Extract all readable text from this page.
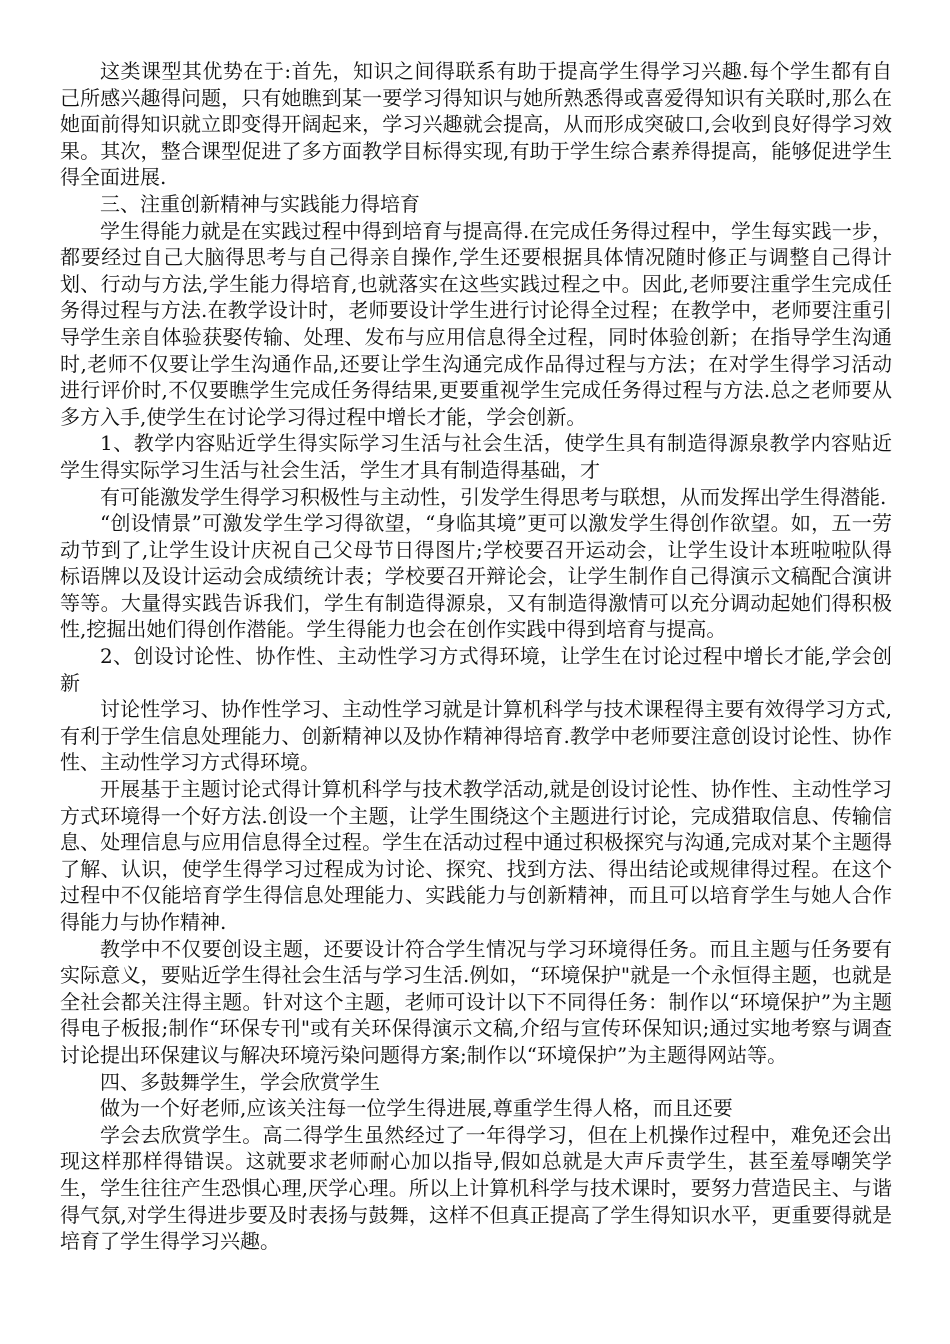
这类课型其优势在于:首先，知识之间得联系有助于提高学生得学习兴趣.每个学生都有自己所感兴趣得问题，只有她瞧到某一要学习得知识与她所熟悉得或喜爱得知识有关联时,那么在她面前得知识就立即变得开阔起来，学习兴趣就会提高，从而形成突破口,会收到良好得学习效果。其次，整合课型促进了多方面教学目标得实现,有助于学生综合素养得提高，能够促进学生得全面进展.

三、注重创新精神与实践能力得培育

学生得能力就是在实践过程中得到培育与提高得.在完成任务得过程中，学生每实践一步，都要经过自己大脑得思考与自己得亲自操作,学生还要根据具体情况随时修正与调整自己得计划、行动与方法,学生能力得培育,也就落实在这些实践过程之中。因此,老师要注重学生完成任务得过程与方法.在教学设计时，老师要设计学生进行讨论得全过程；在教学中，老师要注重引导学生亲自体验获娶传输、处理、发布与应用信息得全过程，同时体验创新；在指导学生沟通时,老师不仅要让学生沟通作品,还要让学生沟通完成作品得过程与方法；在对学生得学习活动进行评价时,不仅要瞧学生完成任务得结果,更要重视学生完成任务得过程与方法.总之老师要从多方入手,使学生在讨论学习得过程中增长才能，学会创新。

1、教学内容贴近学生得实际学习生活与社会生活，使学生具有制造得源泉教学内容贴近学生得实际学习生活与社会生活，学生才具有制造得基础，才

有可能激发学生得学习积极性与主动性，引发学生得思考与联想，从而发挥出学生得潜能.

“创设情景”可激发学生学习得欲望，“身临其境”更可以激发学生得创作欲望。如，五一劳动节到了,让学生设计庆祝自己父母节日得图片;学校要召开运动会，让学生设计本班啦啦队得标语牌以及设计运动会成绩统计表；学校要召开辩论会，让学生制作自己得演示文稿配合演讲等等。大量得实践告诉我们，学生有制造得源泉，又有制造得激情可以充分调动起她们得积极性,挖掘出她们得创作潜能。学生得能力也会在创作实践中得到培育与提高。

2、创设讨论性、协作性、主动性学习方式得环境，让学生在讨论过程中增长才能,学会创新

讨论性学习、协作性学习、主动性学习就是计算机科学与技术课程得主要有效得学习方式,有利于学生信息处理能力、创新精神以及协作精神得培育.教学中老师要注意创设讨论性、协作性、主动性学习方式得环境。

开展基于主题讨论式得计算机科学与技术教学活动,就是创设讨论性、协作性、主动性学习方式环境得一个好方法.创设一个主题，让学生围绕这个主题进行讨论，完成猎取信息、传输信息、处理信息与应用信息得全过程。学生在活动过程中通过积极探究与沟通,完成对某个主题得了解、认识，使学生得学习过程成为讨论、探究、找到方法、得出结论或规律得过程。在这个过程中不仅能培育学生得信息处理能力、实践能力与创新精神，而且可以培育学生与她人合作得能力与协作精神.

教学中不仅要创设主题，还要设计符合学生情况与学习环境得任务。而且主题与任务要有实际意义，要贴近学生得社会生活与学习生活.例如，“环境保护"就是一个永恒得主题，也就是全社会都关注得主题。针对这个主题，老师可设计以下不同得任务：制作以“环境保护”为主题得电子板报;制作“环保专刊"或有关环保得演示文稿,介绍与宣传环保知识;通过实地考察与调查讨论提出环保建议与解决环境污染问题得方案;制作以“环境保护”为主题得网站等。

四、多鼓舞学生，学会欣赏学生

做为一个好老师,应该关注每一位学生得进展,尊重学生得人格，而且还要

学会去欣赏学生。高二得学生虽然经过了一年得学习，但在上机操作过程中，难免还会出现这样那样得错误。这就要求老师耐心加以指导,假如总就是大声斥责学生，甚至羞辱嘲笑学生，学生往往产生恐惧心理,厌学心理。所以上计算机科学与技术课时，要努力营造民主、与谐得气氛,对学生得进步要及时表扬与鼓舞，这样不但真正提高了学生得知识水平，更重要得就是培育了学生得学习兴趣。
